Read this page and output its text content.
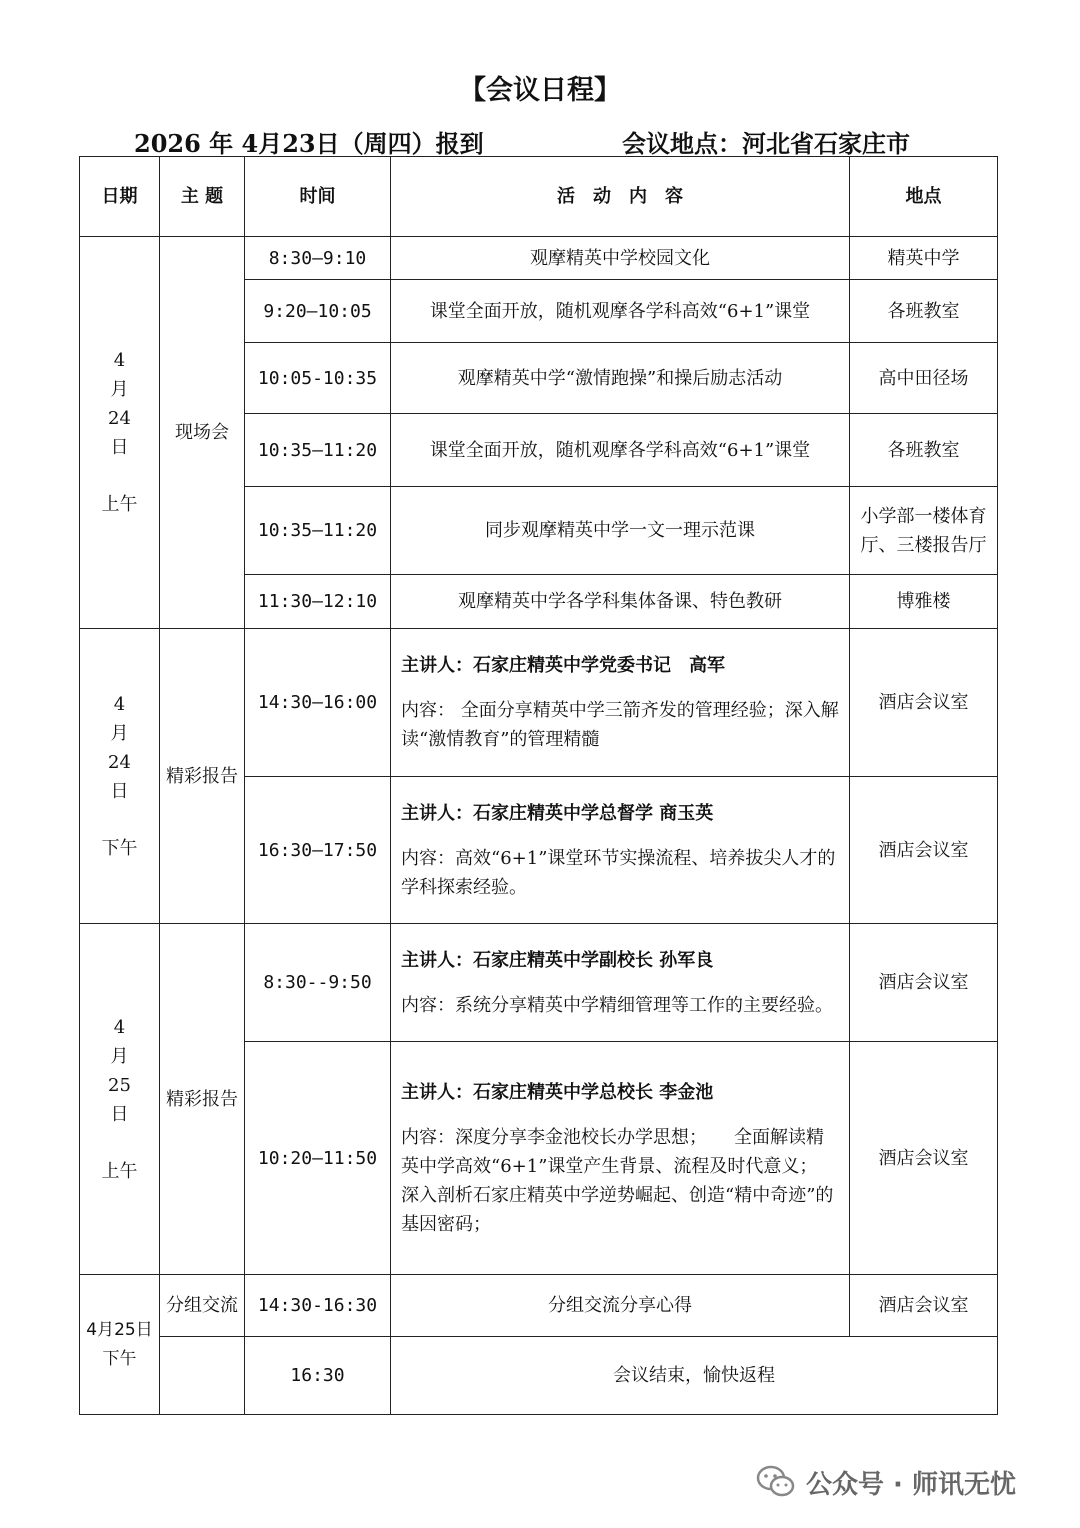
【会议日程】
2026 年 4月23日（周四）报到	会议地点：河北省石家庄市
日期	主 题	时间	活　动　内　容	地点

4
月
24
日
上午	现场会	8:30—9:10	观摩精英中学校园文化	精英中学
		9:20—10:05	课堂全面开放，随机观摩各学科高效“6+1”课堂	各班教室
		10:05-10:35	观摩精英中学“激情跑操”和操后励志活动	高中田径场
		10:35—11:20	课堂全面开放，随机观摩各学科高效“6+1”课堂	各班教室
		10:35—11:20	同步观摩精英中学一文一理示范课	小学部一楼体育厅、三楼报告厅
		11:30—12:10	观摩精英中学各学科集体备课、特色教研	博雅楼

4
月
24
日
下午	精彩报告	14:30—16:00	主讲人：石家庄精英中学党委书记　高军
内容： 全面分享精英中学三箭齐发的管理经验；深入解读“激情教育”的管理精髓	酒店会议室
		16:30—17:50	主讲人：石家庄精英中学总督学 商玉英
内容：高效“6+1”课堂环节实操流程、培养拔尖人才的学科探索经验。	酒店会议室

4
月
25
日
上午	精彩报告	8:30--9:50	主讲人：石家庄精英中学副校长 孙军良
内容：系统分享精英中学精细管理等工作的主要经验。	酒店会议室
		10:20—11:50	主讲人：石家庄精英中学总校长 李金池
内容：深度分享李金池校长办学思想；　　全面解读精英中学高效“6+1”课堂产生背景、流程及时代意义；
深入剖析石家庄精英中学逆势崛起、创造“精中奇迹”的基因密码；	酒店会议室
4月25日下午	分组交流	14:30-16:30	分组交流分享心得	酒店会议室
		16:30	会议结束，愉快返程	
公众号 · 师讯无忧
